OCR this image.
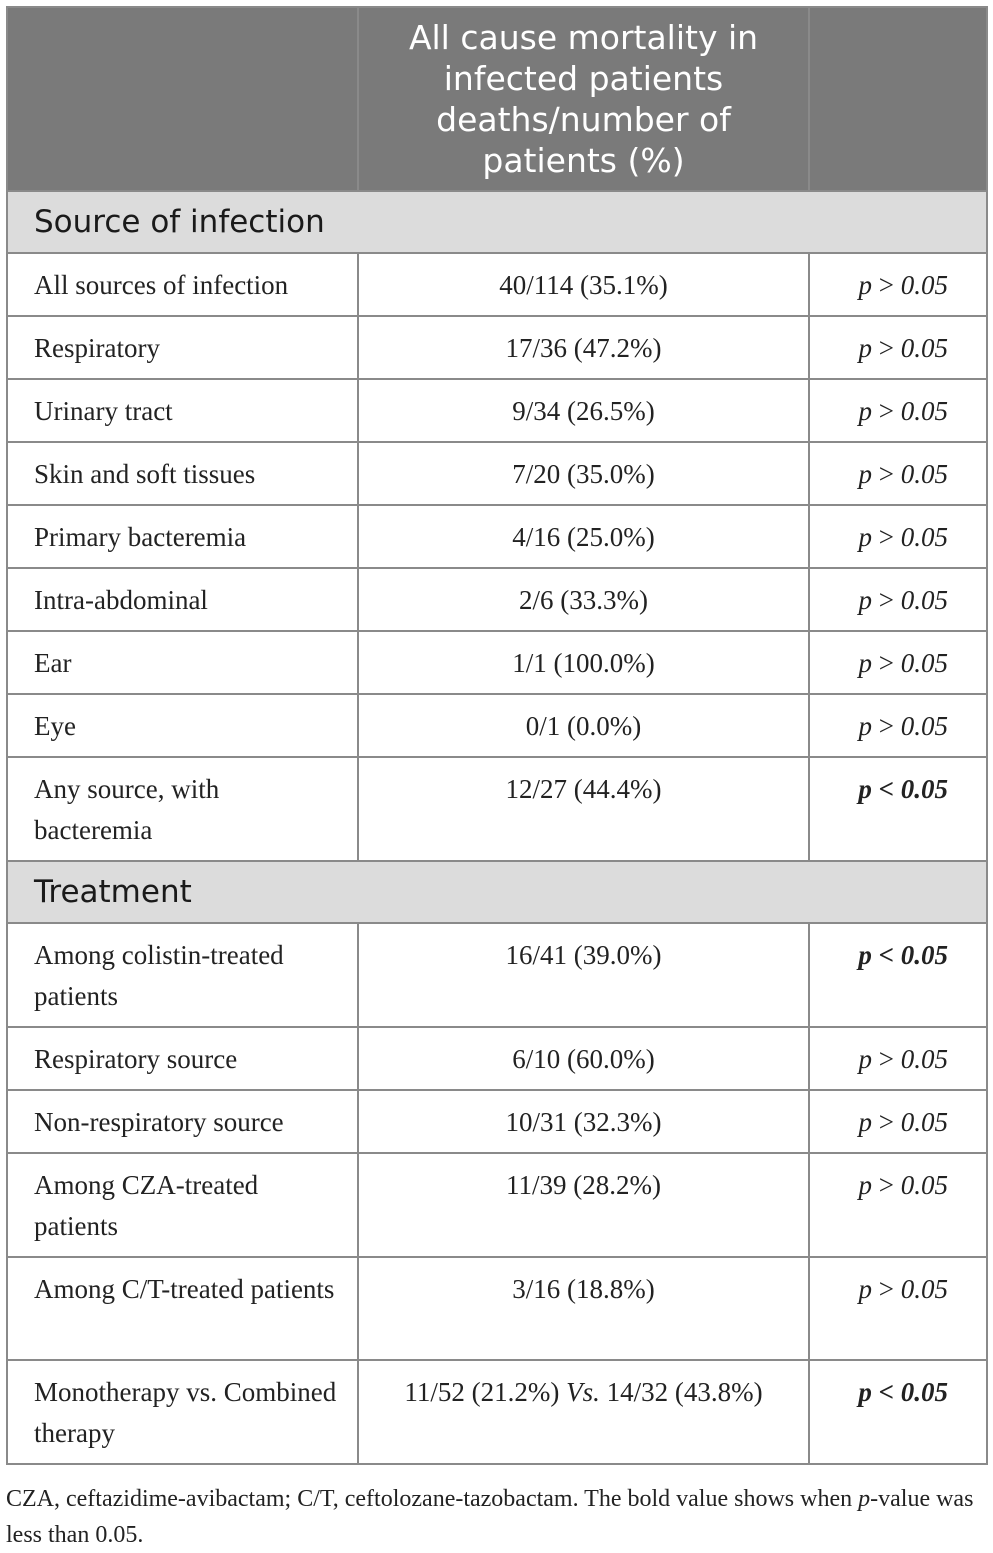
	All cause mortality in infected patients deaths/number of patients (%)	
Source of infection		
All sources of infection	40/114 (35.1%)	p > 0.05
Respiratory	17/36 (47.2%)	p > 0.05
Urinary tract	9/34 (26.5%)	p > 0.05
Skin and soft tissues	7/20 (35.0%)	p > 0.05
Primary bacteremia	4/16 (25.0%)	p > 0.05
Intra-abdominal	2/6 (33.3%)	p > 0.05
Ear	1/1 (100.0%)	p > 0.05
Eye	0/1 (0.0%)	p > 0.05
Any source, with bacteremia	12/27 (44.4%)	p < 0.05
Treatment		
Among colistin-treated patients	16/41 (39.0%)	p < 0.05
Respiratory source	6/10 (60.0%)	p > 0.05
Non-respiratory source	10/31 (32.3%)	p > 0.05
Among CZA-treated patients	11/39 (28.2%)	p > 0.05
Among C/T-treated patients	3/16 (18.8%)	p > 0.05
Monotherapy vs. Combined therapy	11/52 (21.2%) Vs. 14/32 (43.8%)	p < 0.05
CZA, ceftazidime-avibactam; C/T, ceftolozane-tazobactam. The bold value shows when p-value was less than 0.05.
